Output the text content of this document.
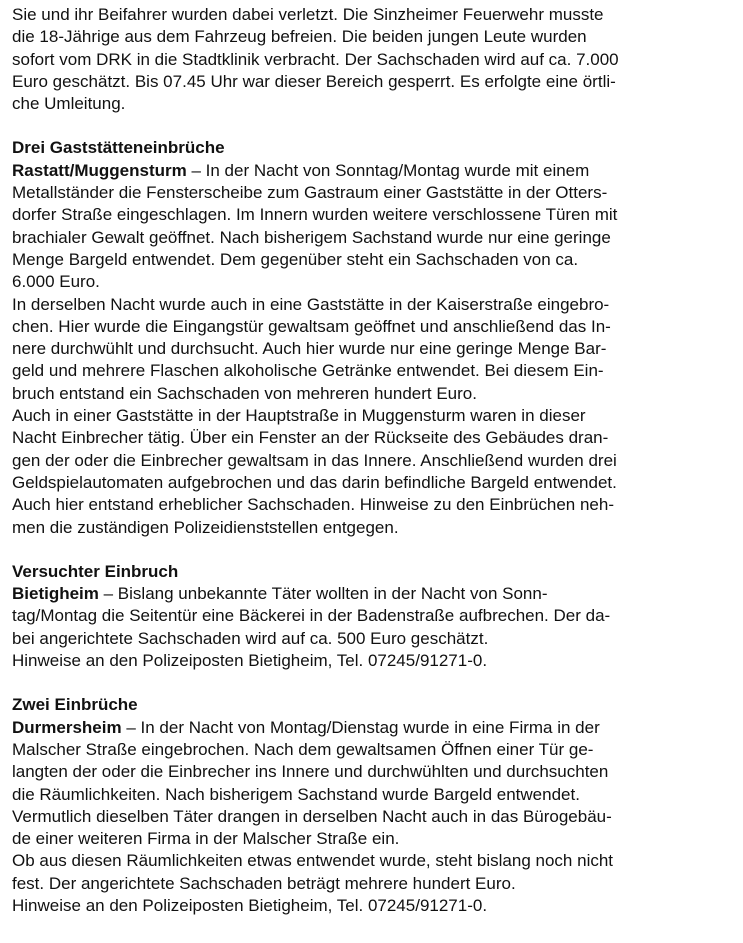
Sie und ihr Beifahrer wurden dabei verletzt. Die Sinzheimer Feuerwehr musste
die 18-Jährige aus dem Fahrzeug befreien. Die beiden jungen Leute wurden
sofort vom DRK in die Stadtklinik verbracht. Der Sachschaden wird auf ca. 7.000
Euro geschätzt. Bis 07.45 Uhr war dieser Bereich gesperrt. Es erfolgte eine örtli-
che Umleitung.
Drei Gaststätteneinbrüche
Rastatt/Muggensturm – In der Nacht von Sonntag/Montag wurde mit einem
Metallständer die Fensterscheibe zum Gastraum einer Gaststätte in der Otters-
dorfer Straße eingeschlagen. Im Innern wurden weitere verschlossene Türen mit
brachialer Gewalt geöffnet. Nach bisherigem Sachstand wurde nur eine geringe
Menge Bargeld entwendet. Dem gegenüber steht ein Sachschaden von ca.
6.000 Euro.
In derselben Nacht wurde auch in eine Gaststätte in der Kaiserstraße eingebro-
chen. Hier wurde die Eingangstür gewaltsam geöffnet und anschließend das In-
nere durchwühlt und durchsucht. Auch hier wurde nur eine geringe Menge Bar-
geld und mehrere Flaschen alkoholische Getränke entwendet. Bei diesem Ein-
bruch entstand ein Sachschaden von mehreren hundert Euro.
Auch in einer Gaststätte in der Hauptstraße in Muggensturm waren in dieser
Nacht Einbrecher tätig. Über ein Fenster an der Rückseite des Gebäudes dran-
gen der oder die Einbrecher gewaltsam in das Innere. Anschließend wurden drei
Geldspielautomaten aufgebrochen und das darin befindliche Bargeld entwendet.
Auch hier entstand erheblicher Sachschaden. Hinweise zu den Einbrüchen neh-
men die zuständigen Polizeidienststellen entgegen.
Versuchter Einbruch
Bietigheim – Bislang unbekannte Täter wollten in der Nacht von Sonn-
tag/Montag die Seitentür eine Bäckerei in der Badenstraße aufbrechen. Der da-
bei angerichtete Sachschaden wird auf ca. 500 Euro geschätzt.
Hinweise an den Polizeiposten Bietigheim, Tel. 07245/91271-0.
Zwei Einbrüche
Durmersheim – In der Nacht von Montag/Dienstag wurde in eine Firma in der
Malscher Straße eingebrochen. Nach dem gewaltsamen Öffnen einer Tür ge-
langten der oder die Einbrecher ins Innere und durchwühlten und durchsuchten
die Räumlichkeiten. Nach bisherigem Sachstand wurde Bargeld entwendet.
Vermutlich dieselben Täter drangen in derselben Nacht auch in das Bürogebäu-
de einer weiteren Firma in der Malscher Straße ein.
Ob aus diesen Räumlichkeiten etwas entwendet wurde, steht bislang noch nicht
fest. Der angerichtete Sachschaden beträgt mehrere hundert Euro.
Hinweise an den Polizeiposten Bietigheim, Tel. 07245/91271-0.
